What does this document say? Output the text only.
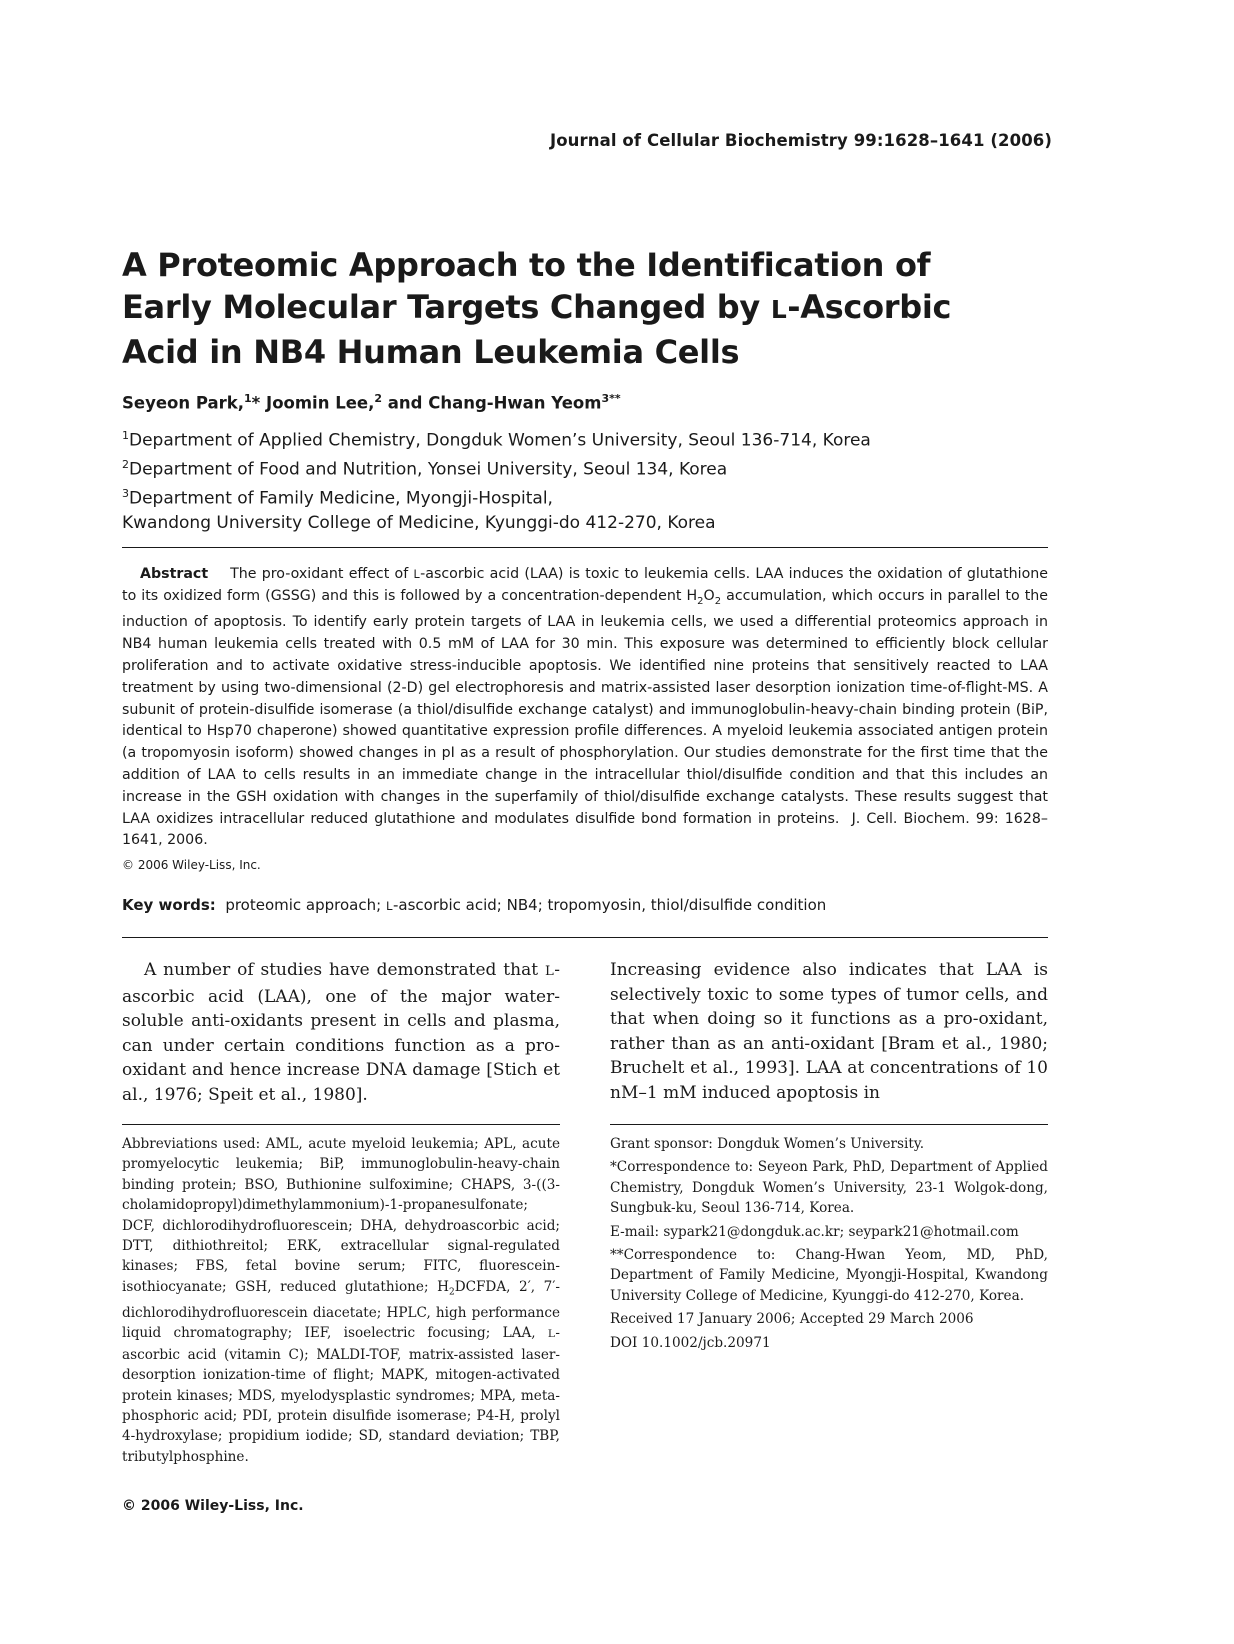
Journal of Cellular Biochemistry 99:1628–1641 (2006)
A Proteomic Approach to the Identification of
Early Molecular Targets Changed by L-Ascorbic
Acid in NB4 Human Leukemia Cells
Seyeon Park,$^1$* Joomin Lee,$^2$ and Chang-Hwan Yeom$^{3**}$
$^1$Department of Applied Chemistry, Dongduk Women’s University, Seoul 136-714, Korea
$^2$Department of Food and Nutrition, Yonsei University, Seoul 134, Korea
$^3$Department of Family Medicine, Myongji-Hospital,
Kwandong University College of Medicine, Kyunggi-do 412-270, Korea
Abstract The pro-oxidant effect of L-ascorbic acid (LAA) is toxic to leukemia cells. LAA induces the oxidation of glutathione to its oxidized form (GSSG) and this is followed by a concentration-dependent $H_2O_2$ accumulation, which occurs in parallel to the induction of apoptosis. To identify early protein targets of LAA in leukemia cells, we used a differential proteomics approach in NB4 human leukemia cells treated with 0.5 mM of LAA for 30 min. This exposure was determined to efficiently block cellular proliferation and to activate oxidative stress-inducible apoptosis. We identified nine proteins that sensitively reacted to LAA treatment by using two-dimensional (2-D) gel electrophoresis and matrix-assisted laser desorption ionization time-of-flight-MS. A subunit of protein-disulfide isomerase (a thiol/disulfide exchange catalyst) and immunoglobulin-heavy-chain binding protein (BiP, identical to Hsp70 chaperone) showed quantitative expression profile differences. A myeloid leukemia associated antigen protein (a tropomyosin isoform) showed changes in pI as a result of phosphorylation. Our studies demonstrate for the first time that the addition of LAA to cells results in an immediate change in the intracellular thiol/disulfide condition and that this includes an increase in the GSH oxidation with changes in the superfamily of thiol/disulfide exchange catalysts. These results suggest that LAA oxidizes intracellular reduced glutathione and modulates disulfide bond formation in proteins. J. Cell. Biochem. 99: 1628–1641, 2006.
© 2006 Wiley-Liss, Inc.
Key words: proteomic approach; L-ascorbic acid; NB4; tropomyosin, thiol/disulfide condition
A number of studies have demonstrated that L-ascorbic acid (LAA), one of the major water-soluble anti-oxidants present in cells and plasma, can under certain conditions function as a pro-oxidant and hence increase DNA damage [Stich et al., 1976; Speit et al., 1980].
Increasing evidence also indicates that LAA is selectively toxic to some types of tumor cells, and that when doing so it functions as a pro-oxidant, rather than as an anti-oxidant [Bram et al., 1980; Bruchelt et al., 1993]. LAA at concentrations of 10 nM–1 mM induced apoptosis in
Abbreviations used: AML, acute myeloid leukemia; APL, acute promyelocytic leukemia; BiP, immunoglobulin-heavy-chain binding protein; BSO, Buthionine sulfoximine; CHAPS, 3-((3-cholamidopropyl)dimethylammonium)-1-propanesulfonate; DCF, dichlorodihydrofluorescein; DHA, dehydroascorbic acid; DTT, dithiothreitol; ERK, extracellular signal-regulated kinases; FBS, fetal bovine serum; FITC, fluorescein-isothiocyanate; GSH, reduced glutathione; $H_2DCFDA$, 2′, 7′-dichlorodihydrofluorescein diacetate; HPLC, high performance liquid chromatography; IEF, isoelectric focusing; LAA, L-ascorbic acid (vitamin C); MALDI-TOF, matrix-assisted laser-desorption ionization-time of flight; MAPK, mitogen-activated protein kinases; MDS, myelodysplastic syndromes; MPA, meta-phosphoric acid; PDI, protein disulfide isomerase; P4-H, prolyl 4-hydroxylase; propidium iodide; SD, standard deviation; TBP, tributylphosphine.

Grant sponsor: Dongduk Women’s University.

*Correspondence to: Seyeon Park, PhD, Department of Applied Chemistry, Dongduk Women’s University, 23-1 Wolgok-dong, Sungbuk-ku, Seoul 136-714, Korea.

E-mail: sypark21@dongduk.ac.kr; seypark21@hotmail.com

**Correspondence to: Chang-Hwan Yeom, MD, PhD, Department of Family Medicine, Myongji-Hospital, Kwandong University College of Medicine, Kyunggi-do 412-270, Korea.

Received 17 January 2006; Accepted 29 March 2006

DOI 10.1002/jcb.20971

© 2006 Wiley-Liss, Inc.
